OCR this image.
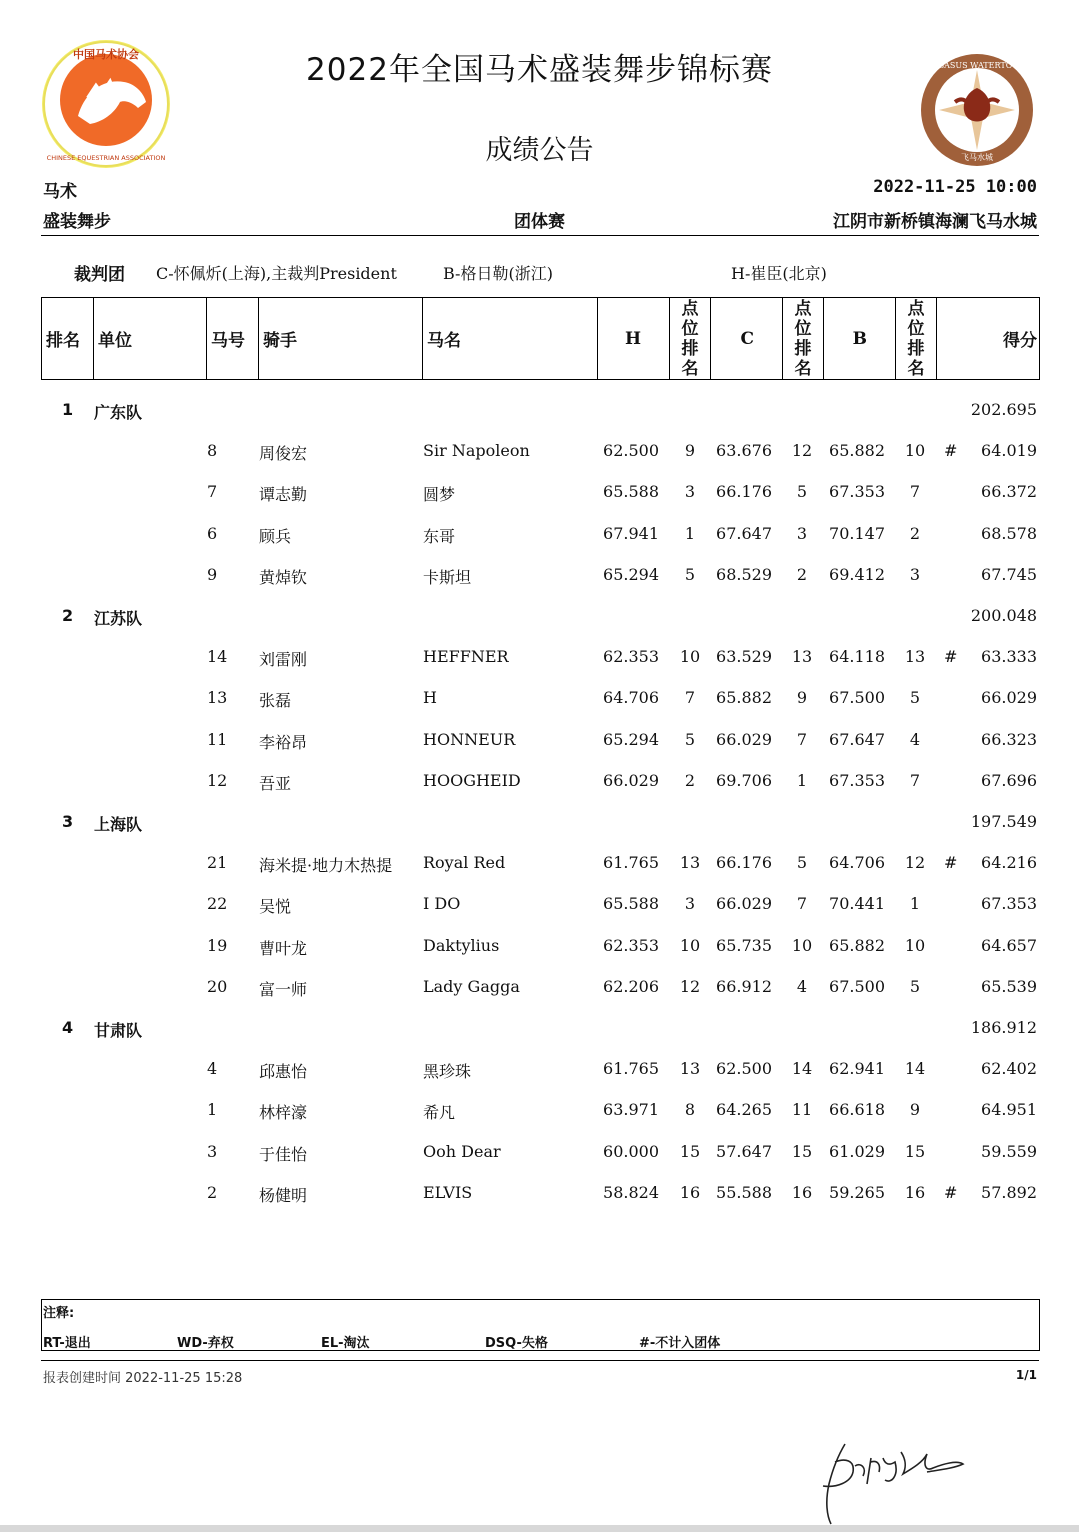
中国马术协会
CHINESE EQUESTRIAN ASSOCIATION
PEGASUS WATERTOWN
飞马水城
2022年全国马术盛装舞步锦标赛
成绩公告
马术	2022-11-25 10:00
盛装舞步	团体赛	江阴市新桥镇海澜飞马水城
裁判团 C-怀佩炘(上海),主裁判President	B-格日勒(浙江)	H-崔臣(北京)
排名	单位	马号	骑手	马名	H	点位排名	C	点位排名	B	点位排名	得分
1 广东队	202.695
8	周俊宏	Sir Napoleon	62.500	9	63.676	12	65.882	10	# 64.019
7	谭志勤	圆梦	65.588	3	66.176	5	67.353	7	66.372
6	顾兵	东哥	67.941	1	67.647	3	70.147	2	68.578
9	黄焯钦	卡斯坦	65.294	5	68.529	2	69.412	3	67.745
2 江苏队	200.048
14 刘雷刚	HEFFNER	62.353	10 63.529	13	64.118	13	# 63.333
13 张磊	H	64.706	7	65.882	9	67.500	5	66.029
11 李裕昂	HONNEUR	65.294	5	66.029	7	67.647	4	66.323
12 吾亚	HOOGHEID	66.029	2	69.706	1	67.353	7	67.696
3 上海队	197.549
21 海米提·地力木热提 Royal Red	61.765	13 66.176	5	64.706	12	# 64.216
22 吴悦	I DO	65.588	3	66.029	7	70.441	1	67.353
19 曹叶龙	Daktylius	62.353	10 65.735	10	65.882	10	64.657
20 富一师	Lady Gagga	62.206	12 66.912	4	67.500	5	65.539
4 甘肃队	186.912
4	邱惠怡	黑珍珠	61.765	13 62.500	14	62.941	14	62.402
1	林梓濠	希凡	63.971	8	64.265	11	66.618	9	64.951
3	于佳怡	Ooh Dear	60.000	15 57.647	15	61.029	15	59.559
2	杨健明	ELVIS	58.824	16 55.588	16	59.265	16	# 57.892
注释:
RT-退出	WD-弃权	EL-淘汰	DSQ-失格	#-不计入团体
报表创建时间 2022-11-25 15:28	1/1
